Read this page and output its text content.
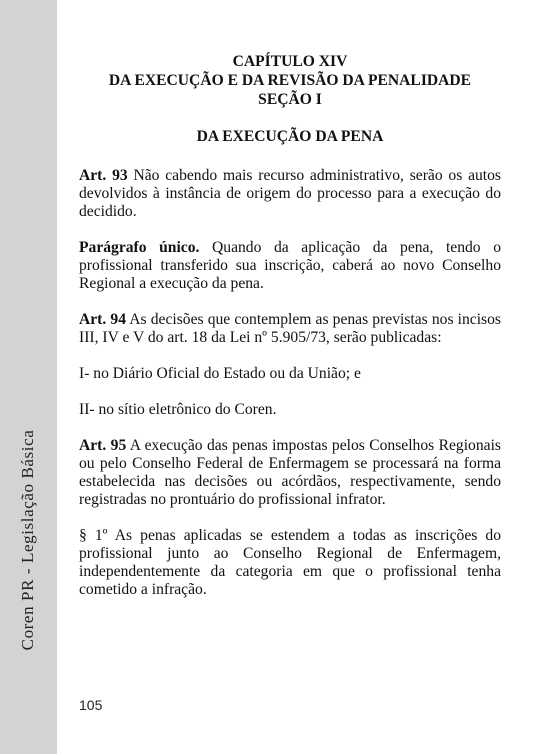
Coren PR - Legislação Básica
CAPÍTULO XIV
DA EXECUÇÃO E DA REVISÃO DA PENALIDADE
SEÇÃO I
DA EXECUÇÃO DA PENA

Art. 93 Não cabendo mais recurso administrativo, serão os autos devolvidos à instância de origem do processo para a execução do decidido.

Parágrafo único. Quando da aplicação da pena, tendo o profissional transferido sua inscrição, caberá ao novo Conselho Regional a execução da pena.

Art. 94 As decisões que contemplem as penas previstas nos incisos III, IV e V do art. 18 da Lei nº 5.905/73, serão publicadas:

I- no Diário Oficial do Estado ou da União; e

II- no sítio eletrônico do Coren.

Art. 95 A execução das penas impostas pelos Conselhos Regionais ou pelo Conselho Federal de Enfermagem se processará na forma estabelecida nas decisões ou acórdãos, respectivamente, sendo registradas no prontuário do profissional infrator.

§ 1º As penas aplicadas se estendem a todas as inscrições do profissional junto ao Conselho Regional de Enfermagem, independentemente da categoria em que o profissional tenha cometido a infração.

105
